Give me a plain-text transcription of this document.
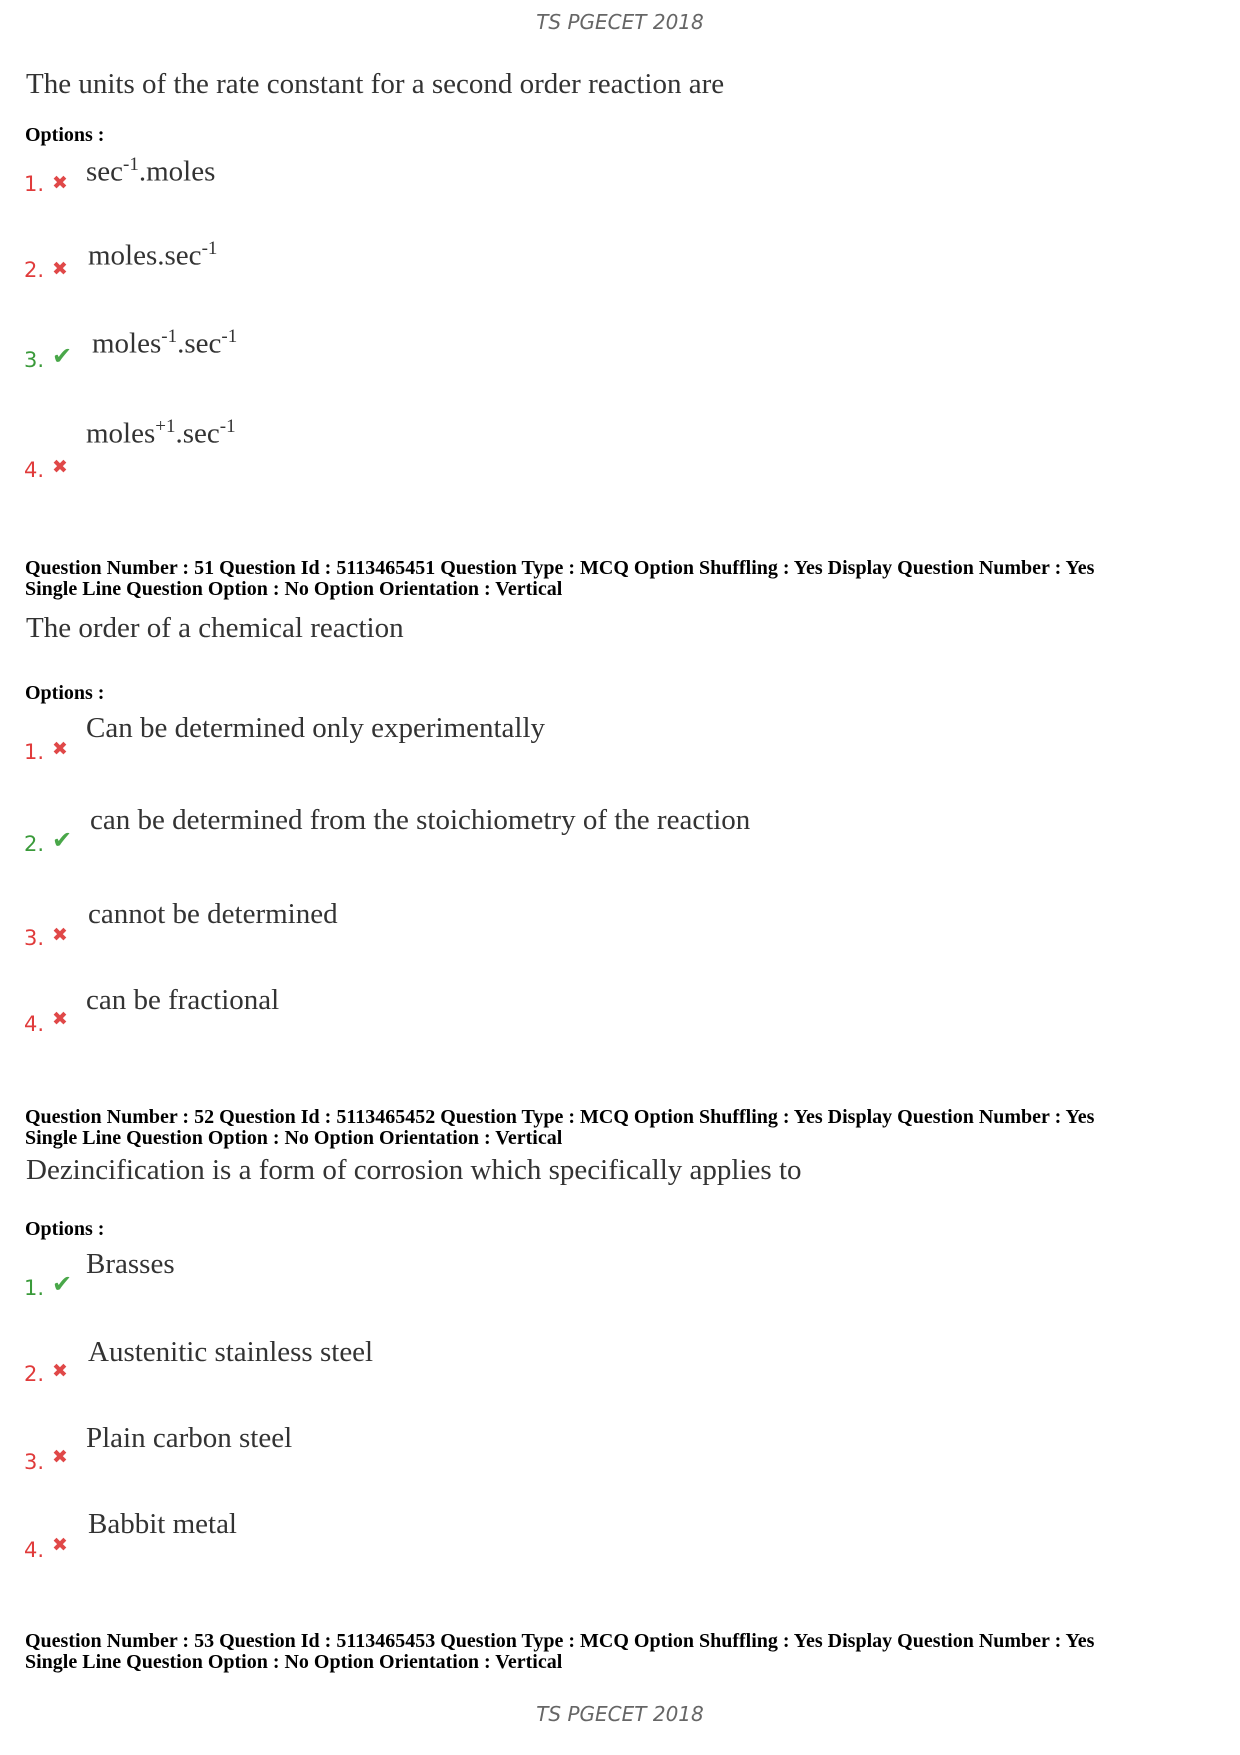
TS PGECET 2018
The units of the rate constant for a second order reaction are
Options :
1. ✖ $\sec^{-1}.moles$
2. ✖ $moles.\sec^{-1}$
3. ✔ $moles^{-1}.\sec^{-1}$
4. ✖
$moles^{+1}.\sec^{-1}$
Question Number : 51 Question Id : 5113465451 Question Type : MCQ Option Shuffling : Yes Display Question Number : Yes
Single Line Question Option : No Option Orientation : Vertical
The order of a chemical reaction
Options :
1. ✖
Can be determined only experimentally
2. ✔
can be determined from the stoichiometry of the reaction
3. ✖
cannot be determined
4. ✖
can be fractional
Question Number : 52 Question Id : 5113465452 Question Type : MCQ Option Shuffling : Yes Display Question Number : Yes
Single Line Question Option : No Option Orientation : Vertical
Dezincification is a form of corrosion which specifically applies to
Options :
1. ✔
Brasses
2. ✖
Austenitic stainless steel
3. ✖
Plain carbon steel
4. ✖
Babbit metal
Question Number : 53 Question Id : 5113465453 Question Type : MCQ Option Shuffling : Yes Display Question Number : Yes
Single Line Question Option : No Option Orientation : Vertical
TS PGECET 2018
